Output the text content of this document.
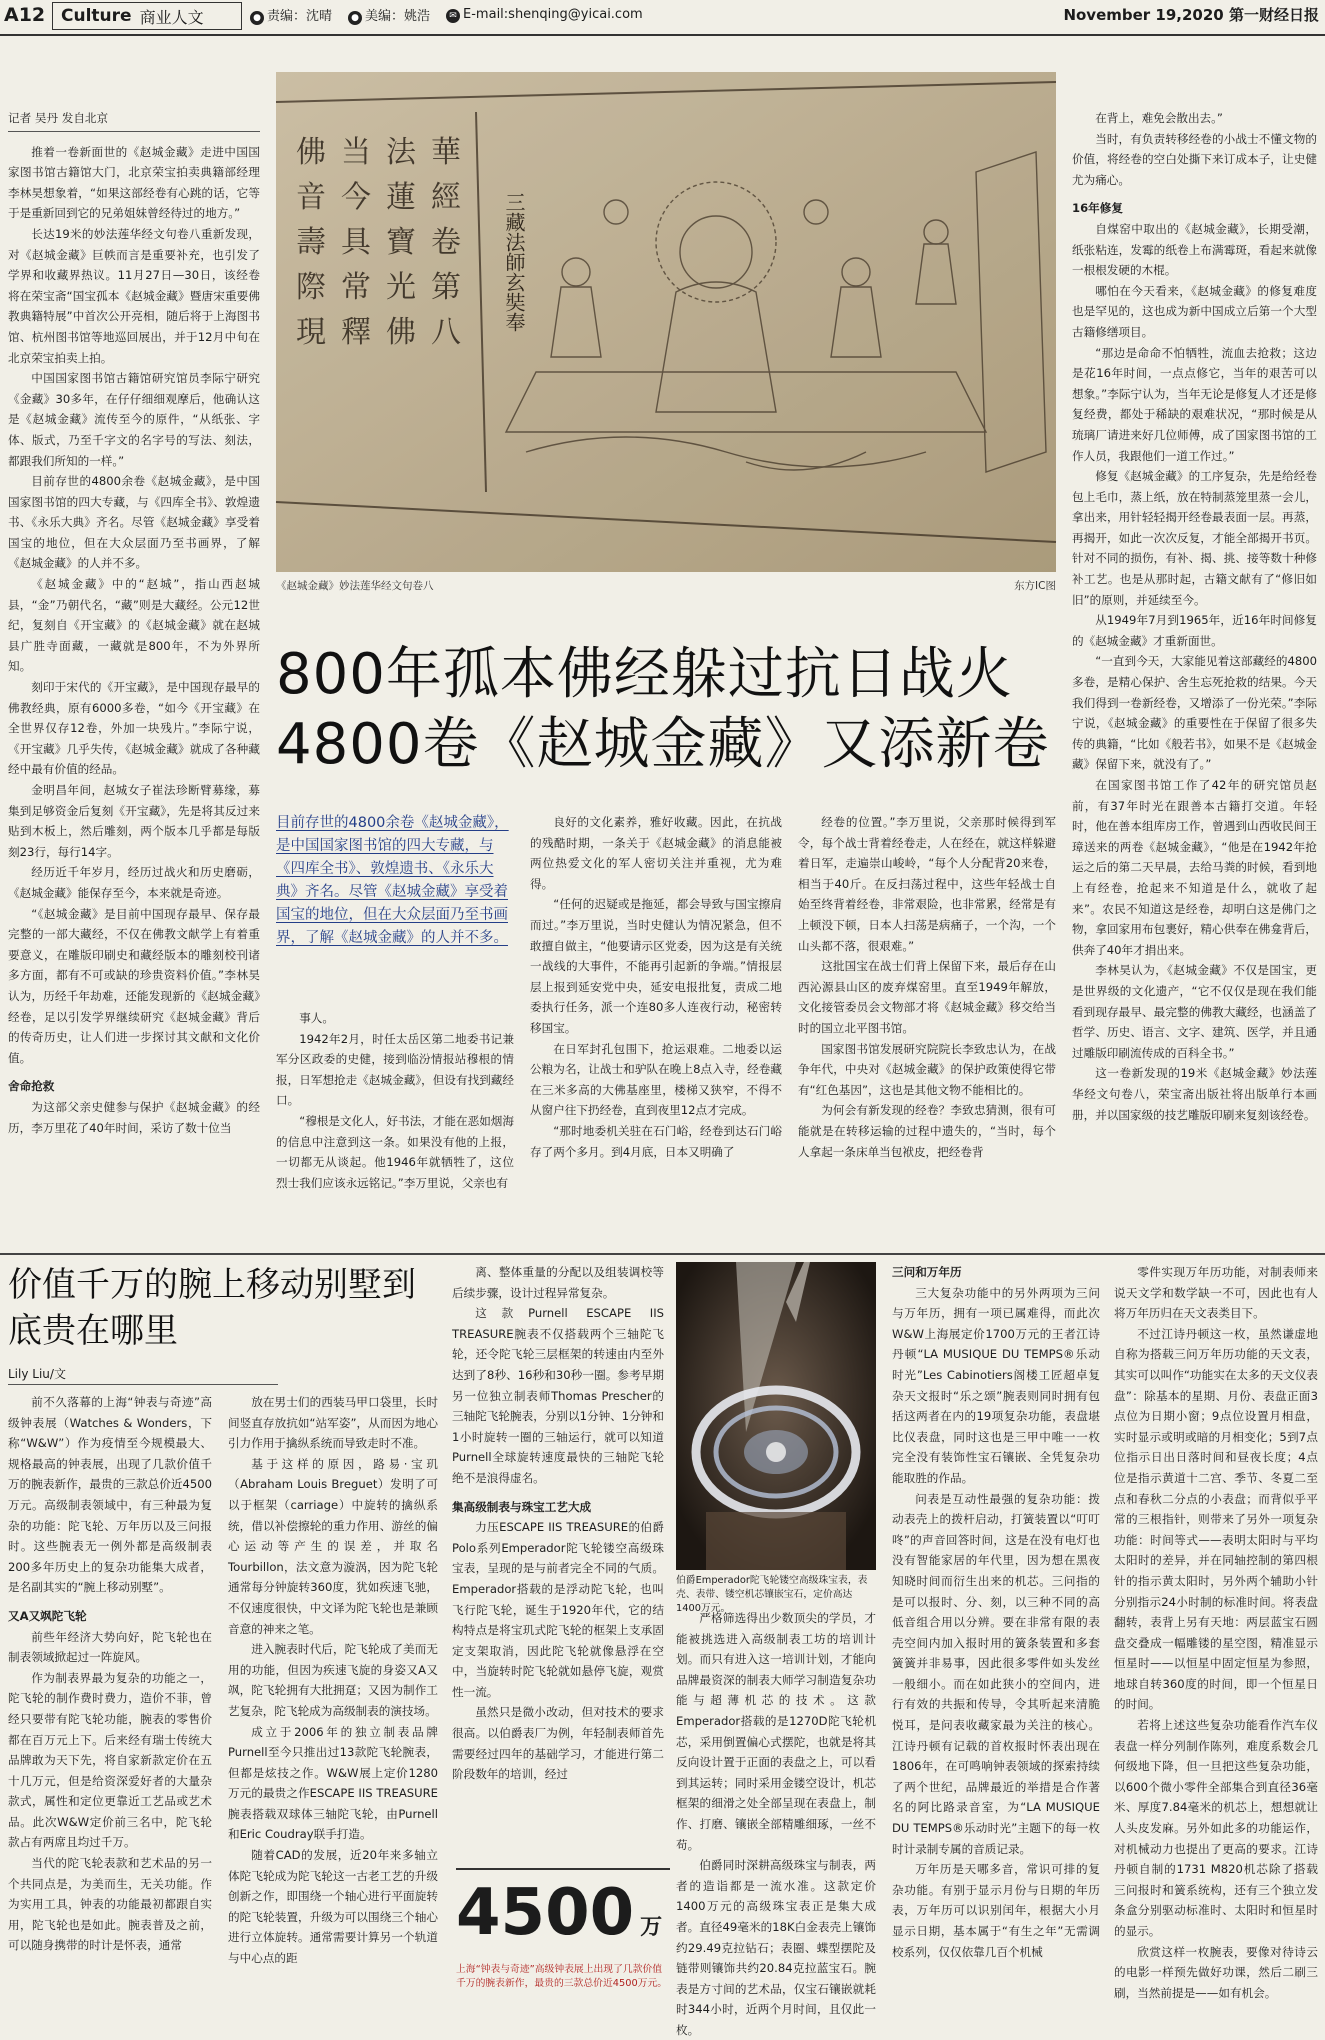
A12 Culture 商业人文	● 责编：沈晴	● 美编：姚浩	✉ E-mail:shenqing@yicai.com	November 19,2020 第一财经日报
记者 吴丹 发自北京

推着一卷新面世的《赵城金藏》走进中国国家图书馆古籍馆大门，北京荣宝拍卖典籍部经理李林昊想象着，“如果这部经卷有心跳的话，它等于是重新回到它的兄弟姐妹曾经待过的地方。”

长达19米的妙法莲华经文句卷八重新发现，对《赵城金藏》巨帙而言是重要补充，也引发了学界和收藏界热议。11月27日—30日，该经卷将在荣宝斋“国宝孤本《赵城金藏》暨唐宋重要佛教典籍特展”中首次公开亮相，随后将于上海图书馆、杭州图书馆等地巡回展出，并于12月中旬在北京荣宝拍卖上拍。

中国国家图书馆古籍馆研究馆员李际宁研究《金藏》30多年，在仔仔细细观摩后，他确认这是《赵城金藏》流传至今的原件，“从纸张、字体、版式，乃至千字文的名字号的写法、刻法，都跟我们所知的一样。”

目前存世的4800余卷《赵城金藏》，是中国国家图书馆的四大专藏，与《四库全书》、敦煌遗书、《永乐大典》齐名。尽管《赵城金藏》享受着国宝的地位，但在大众层面乃至书画界，了解《赵城金藏》的人并不多。

《赵城金藏》中的“赵城”，指山西赵城县，“金”乃朝代名，“藏”则是大藏经。公元12世纪，复刻自《开宝藏》的《赵城金藏》就在赵城县广胜寺面藏，一藏就是800年，不为外界所知。

刻印于宋代的《开宝藏》，是中国现存最早的佛教经典，原有6000多卷，“如今《开宝藏》在全世界仅存12卷，外加一块残片。”李际宁说，《开宝藏》几乎失传，《赵城金藏》就成了各种藏经中最有价值的经品。

金明昌年间，赵城女子崔法珍断臂募缘，募集到足够资金后复刻《开宝藏》，先是将其反过来贴到木板上，然后雕刻，两个版本几乎都是每版刻23行，每行14字。

经历近千年岁月，经历过战火和历史磨砺，《赵城金藏》能保存至今，本来就是奇迹。

“《赵城金藏》是目前中国现存最早、保存最完整的一部大藏经，不仅在佛教文献学上有着重要意义，在雕版印刷史和藏经版本的雕刻校刊诸多方面，都有不可或缺的珍贵资料价值。”李林昊认为，历经千年劫难，还能发现新的《赵城金藏》经卷，足以引发学界继续研究《赵城金藏》背后的传奇历史，让人们进一步探讨其文献和文化价值。

舍命抢救

为这部父亲史健参与保护《赵城金藏》的经历，李万里花了40年时间，采访了数十位当

佛
音
壽
際
現
当
今
具
常
釋
法
蓮
寶
光
佛
華
經
卷
第
八
三藏法師玄奘奉
《赵城金藏》妙法莲华经文句卷八	东方IC图
800年孤本佛经躲过抗日战火
4800卷《赵城金藏》又添新卷
目前存世的4800余卷《赵城金藏》，是中国国家图书馆的四大专藏，与《四库全书》、敦煌遗书、《永乐大典》齐名。尽管《赵城金藏》享受着国宝的地位，但在大众层面乃至书画界，了解《赵城金藏》的人并不多。

事人。

1942年2月，时任太岳区第二地委书记兼军分区政委的史健，接到临汾情报站穆根的情报，日军想抢走《赵城金藏》，但设有找到藏经口。

“穆根是文化人，好书法，才能在恶如烟海的信息中注意到这一条。如果没有他的上报，一切都无从谈起。他1946年就牺牲了，这位烈士我们应该永远铭记。”李万里说，父亲也有

良好的文化素养，雅好收藏。因此，在抗战的残酷时期，一条关于《赵城金藏》的消息能被两位热爱文化的军人密切关注并重视，尤为难得。

“任何的迟疑或是拖延，都会导致与国宝擦肩而过。”李万里说，当时史健认为情况紧急，但不敢擅自做主，“他要请示区党委，因为这是有关统一战线的大事件，不能再引起新的争端。”情报层层上报到延安党中央，延安电报批复，责成二地委执行任务，派一个连80多人连夜行动，秘密转移国宝。

在日军封孔包围下，抢运艰难。二地委以运公粮为名，让战士和驴队在晚上8点入寺，经卷藏在三米多高的大佛基座里，楼梯又狭窄，不得不从窗户往下扔经卷，直到夜里12点才完成。

“那时地委机关驻在石门峪，经卷到达石门峪存了两个多月。到4月底，日本又明确了

经卷的位置。”李万里说，父亲那时候得到军令，每个战士背着经卷走，人在经在，就这样躲避着日军，走遍崇山峻岭，“每个人分配背20来卷，相当于40斤。在反扫荡过程中，这些年轻战士自始至终背着经卷，非常艰险，也非常累，经常是有上顿没下顿，日本人扫荡是病痛子，一个沟，一个山头都不落，很艰难。”

这批国宝在战士们背上保留下来，最后存在山西沁源县山区的废弃煤窑里。直至1949年解放，文化接管委员会文物部才将《赵城金藏》移交给当时的国立北平图书馆。

国家图书馆发展研究院院长李致忠认为，在战争年代，中央对《赵城金藏》的保护政策使得它带有“红色基因”，这也是其他文物不能相比的。

为何会有新发现的经卷？李致忠猜测，很有可能就是在转移运输的过程中遗失的，“当时，每个人拿起一条床单当包袱皮，把经卷背

在背上，难免会散出去。”

当时，有负责转移经卷的小战士不懂文物的价值，将经卷的空白处撕下来订成本子，让史健尤为痛心。

16年修复

自煤窑中取出的《赵城金藏》，长期受潮，纸张粘连，发霉的纸卷上布满霉斑，看起来就像一根根发硬的木棍。

哪怕在今天看来，《赵城金藏》的修复难度也是罕见的，这也成为新中国成立后第一个大型古籍修缮项目。

“那边是命命不怕牺牲，流血去抢救；这边是花16年时间，一点点修它，当年的艰苦可以想象。”李际宁认为，当年无论是修复人才还是修复经费，都处于稀缺的艰难状况，“那时候是从琉璃厂请进来好几位师傅，成了国家图书馆的工作人员，我跟他们一道工作过。”

修复《赵城金藏》的工序复杂，先是给经卷包上毛巾，蒸上纸，放在特制蒸笼里蒸一会儿，拿出来，用针轻轻揭开经卷最表面一层。再蒸，再揭开，如此一次次反复，才能全部揭开书页。针对不同的损伤，有补、揭、挑、接等数十种修补工艺。也是从那时起，古籍文献有了“修旧如旧”的原则，并延续至今。

从1949年7月到1965年，近16年时间修复的《赵城金藏》才重新面世。

“一直到今天，大家能见着这部藏经的4800多卷，是精心保护、舍生忘死抢救的结果。今天我们得到一卷新经卷，又增添了一份光荣。”李际宁说，《赵城金藏》的重要性在于保留了很多失传的典籍，“比如《般若书》，如果不是《赵城金藏》保留下来，就没有了。”

在国家图书馆工作了42年的研究馆员赵前，有37年时光在跟善本古籍打交道。年轻时，他在善本组库房工作，曾遇到山西收民间王璋送来的两卷《赵城金藏》，“他是在1942年抢运之后的第二天早晨，去给马粪的时候，看到地上有经卷，抢起来不知道是什么，就收了起来”。农民不知道这是经卷，却明白这是佛门之物，拿回家用布包裹好，精心供奉在佛龛背后，供奔了40年才捐出来。

李林昊认为，《赵城金藏》不仅是国宝，更是世界级的文化遗产，“它不仅仅是现在我们能看到现存最早、最完整的佛教大藏经，也涵盖了哲学、历史、语言、文字、建筑、医学，并且通过雕版印刷流传成的百科全书。”

这一卷新发现的19米《赵城金藏》妙法莲华经文句卷八，荣宝斋出版社将出版单行本画册，并以国家级的技艺雕版印刷来复刻该经卷。

价值千万的腕上移动别墅到底贵在哪里
Lily Liu/文

前不久落幕的上海“钟表与奇迹”高级钟表展（Watches & Wonders，下称“W&W”）作为疫情至今规模最大、规格最高的钟表展，出现了几款价值千万的腕表新作，最贵的三款总价近4500万元。高级制表领域中，有三种最为复杂的功能：陀飞轮、万年历以及三问报时。这些腕表无一例外都是高级制表200多年历史上的复杂功能集大成者，是名副其实的“腕上移动别墅”。

又A又飒陀飞轮

前些年经济大势向好，陀飞轮也在制表领域掀起过一阵旋风。

作为制表界最为复杂的功能之一，陀飞轮的制作费时费力，造价不菲，曾经只要带有陀飞轮功能，腕表的零售价都在百万元上下。后来经有瑞士传统大品牌敢为天下先，将自家新款定价在五十几万元，但是给资深爱好者的大量杂款式，属性和定位更靠近工艺品或艺术品。此次W&W定价前三名中，陀飞轮款占有两席且均过千万。

当代的陀飞轮表款和艺术品的另一个共同点是，为美而生，无关功能。作为实用工具，钟表的功能最初都跟自实用，陀飞轮也是如此。腕表普及之前，可以随身携带的时计是怀表，通常

放在男士们的西装马甲口袋里，长时间竖直存放抗如“站军姿”，从而因为地心引力作用于擒纵系统而导致走时不准。

基于这样的原因，路易·宝玑（Abraham Louis Breguet）发明了可以于框架（carriage）中旋转的擒纵系统，借以补偿擦轮的重力作用、游丝的偏心运动等产生的误差，并取名Tourbillon，法文意为漩涡，因为陀飞轮通常每分钟旋转360度，犹如疾速飞驰，不仅速度很快，中文译为陀飞轮也是兼顾音意的神来之笔。

进入腕表时代后，陀飞轮成了美而无用的功能，但因为疾速飞旋的身姿又A又飒，陀飞轮拥有大批拥趸；又因为制作工艺复杂，陀飞轮成为高级制表的演技场。

成立于2006年的独立制表品牌Purnell至今只推出过13款陀飞轮腕表，但都是炫技之作。W&W展上定价1280万元的最贵之作ESCAPE IIS TREASURE腕表搭载双球体三轴陀飞轮，由Purnell和Eric Coudray联手打造。

随着CAD的发展，近20年来多轴立体陀飞轮成为陀飞轮这一古老工艺的升级创新之作，即围绕一个轴心进行平面旋转的陀飞轮装置，升级为可以围绕三个轴心进行立体旋转。通常需要计算另一个轨道与中心点的距

离、整体重量的分配以及组装调校等后续步骤，设计过程异常复杂。

这款Purnell ESCAPE IIS TREASURE腕表不仅搭载两个三轴陀飞轮，还令陀飞轮三层框架的转速由内至外达到了8秒、16秒和30秒一圈。参考早期另一位独立制表师Thomas Prescher的三轴陀飞轮腕表，分别以1分钟、1分钟和1小时旋转一圈的三轴运行，就可以知道Purnell全球旋转速度最快的三轴陀飞轮绝不是浪得虚名。

集高级制表与珠宝工艺大成

力压ESCAPE IIS TREASURE的伯爵Polo系列Emperador陀飞轮镂空高级珠宝表，呈现的是与前者完全不同的气质。Emperador搭载的是浮动陀飞轮，也叫飞行陀飞轮，诞生于1920年代，它的结构特点是将宝玑式陀飞轮的框架上支承固定支架取消，因此陀飞轮就像悬浮在空中，当旋转时陀飞轮就如悬停飞旋，观赏性一流。

虽然只是微小改动，但对技术的要求很高。以伯爵表厂为例，年轻制表师首先需要经过四年的基础学习，才能进行第二阶段数年的培训，经过

伯爵Emperador陀飞轮镂空高级珠宝表，表壳、表带、镂空机芯镶嵌宝石，定价高达1400万元。

严格筛选得出少数顶尖的学员，才能被挑选进入高级制表工坊的培训计划。而只有进入这一培训计划，才能向品牌最资深的制表大师学习制造复杂功能与超薄机芯的技术。这款Emperador搭载的是1270D陀飞轮机芯，采用倒置偏心式摆陀，也就是将其反向设计置于正面的表盘之上，可以看到其运转；同时采用金镂空设计，机芯框架的细滑之处全部呈现在表盘上，制作、打磨、镶嵌全部精雕细琢，一丝不苟。

伯爵同时深耕高级珠宝与制表，两者的造诣都是一流水准。这款定价1400万元的高级珠宝表正是集大成者。直径49毫米的18K白金表壳上镶饰约29.49克拉钻石；表圈、蝶型摆陀及链带则镶饰共约20.84克拉蓝宝石。腕表是方寸间的艺术品，仅宝石镶嵌就耗时344小时，近两个月时间，且仅此一枚。

4500 万
上海“钟表与奇迹”高级钟表展上出现了几款价值千万的腕表新作，最贵的三款总价近4500万元。

三问和万年历

三大复杂功能中的另外两项为三问与万年历，拥有一项已属难得，而此次W&W上海展定价1700万元的王者江诗丹顿“LA MUSIQUE DU TEMPS®乐动时光”Les Cabinotiers阁楼工匠超卓复杂天文报时“乐之颂”腕表则同时拥有包括这两者在内的19项复杂功能，表盘堪比仪表盘，同时这也是三甲中唯一一枚完全没有装饰性宝石镶嵌、全凭复杂功能取胜的作品。

问表是互动性最强的复杂功能：拨动表壳上的拨杆启动，打簧装置以“叮叮咚”的声音回答时间，这是在没有电灯也没有智能家居的年代里，因为想在黑夜知晓时间而衍生出来的机芯。三问指的是可以报时、分、刻，以三种不同的高低音组合用以分辨。要在非常有限的表壳空间内加入报时用的簧条装置和多套簧簧并非易事，因此很多零件如头发丝一般细小。而在如此狭小的空间内，进行有效的共振和传导，令其听起来清脆悦耳，是问表收藏家最为关注的核心。江诗丹顿有记载的首枚报时怀表出现在1806年，在可鸣响钟表领域的探索持续了两个世纪，品牌最近的举措是合作著名的阿比路录音室，为“LA MUSIQUE DU TEMPS®乐动时光”主题下的每一枚时计录制专属的音质记录。

万年历是天哪多音，常识可排的复杂功能。有别于显示月份与日期的年历表，万年历可以识别闰年，根据大小月显示日期，基本属于“有生之年”无需调校系列，仅仅依靠几百个机械

零件实现万年历功能，对制表师来说天文学和数学缺一不可，因此也有人将万年历归在天文表类目下。

不过江诗丹顿这一枚，虽然谦虚地自称为搭载三问万年历功能的天文表，其实可以叫作“功能实在太多的天文仪表盘”：除基本的星期、月份、表盘正面3点位为日期小窗；9点位设置月相盘，实时显示或明或暗的月相变化；5到7点位指示日出日落时间和昼夜长度；4点位是指示黄道十二宫、季节、冬夏二至点和春秋二分点的小表盘；而背似乎平常的三根指针，则带来了另外一项复杂功能：时间等式——表明太阳时与平均太阳时的差异，并在同轴控制的第四根针的指示黄太阳时，另外两个辅助小针分别指示24小时制的标准时间。将表盘翻转，表背上另有天地：两层蓝宝石圆盘交叠成一幅雕镂的星空图，精准显示恒星时——以恒星中固定恒星为参照，地球自转360度的时间，即一个恒星日的时间。

若将上述这些复杂功能看作汽车仪表盘一样分列制作陈列，难度系数会几何级地下降，但一旦把这些复杂功能，以600个微小零件全部集合到直径36毫米、厚度7.84毫米的机芯上，想想就让人头皮发麻。另外如此多的功能运作，对机械动力也提出了更高的要求。江诗丹顿自制的1731 M820机芯除了搭载三问报时和簧系统构，还有三个独立发条盒分别驱动标准时、太阳时和恒星时的显示。

欣赏这样一枚腕表，要像对待诗云的电影一样预先做好功课，然后二刷三刷，当然前提是——如有机会。
